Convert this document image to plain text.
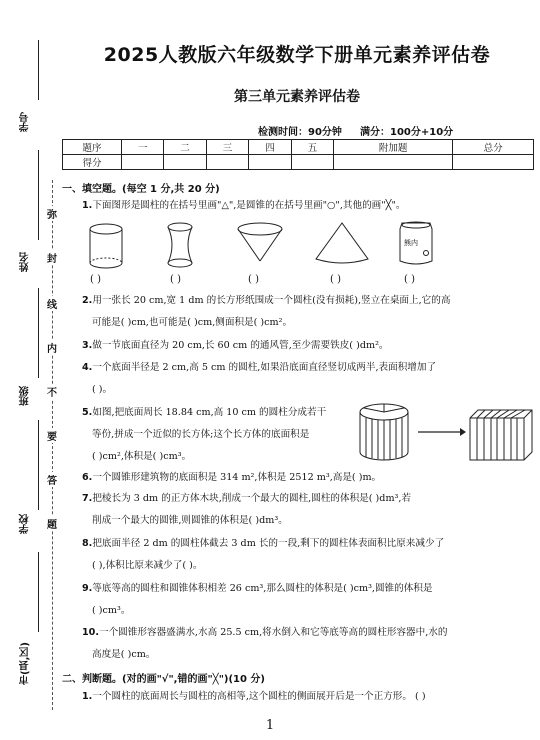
学号
姓名
班级
学校
市(县,区)
弥
封
线
内
不
要
答
题
2025人教版六年级数学下册单元素养评估卷
第三单元素养评估卷
检测时间：90分钟 满分：100分+10分
题序	一	二	三	四	五	附加题	总分
得分							
一、填空题。(每空 1 分,共 20 分)
1.下面图形是圆柱的在括号里画"△",是圆锥的在括号里画"○",其他的画"╳"。
熊内
( )	( )	( )	( )	( )
2.用一张长 20 cm,宽 1 dm 的长方形纸围成一个圆柱(没有损耗),竖立在桌面上,它的高
可能是( )cm,也可能是( )cm,侧面积是( )cm²。
3.做一节底面直径为 20 cm,长 60 cm 的通风管,至少需要铁皮( )dm²。
4.一个底面半径是 2 cm,高 5 cm 的圆柱,如果沿底面直径竖切成两半,表面积增加了
( )。
5.如图,把底面周长 18.84 cm,高 10 cm 的圆柱分成若干
等份,拼成一个近似的长方体;这个长方体的底面积是
( )cm²,体积是( )cm³。
6.一个圆锥形建筑物的底面积是 314 m²,体积是 2512 m³,高是( )m。
7.把棱长为 3 dm 的正方体木块,削成一个最大的圆柱,圆柱的体积是( )dm³,若
削成一个最大的圆锥,则圆锥的体积是( )dm³。
8.把底面半径 2 dm 的圆柱体截去 3 dm 长的一段,剩下的圆柱体表面积比原来减少了
( ),体积比原来减少了( )。
9.等底等高的圆柱和圆锥体积相差 26 cm³,那么圆柱的体积是( )cm³,圆锥的体积是
( )cm³。
10.一个圆锥形容器盛满水,水高 25.5 cm,将水倒入和它等底等高的圆柱形容器中,水的
高度是( )cm。
二、判断题。(对的画"√",错的画"╳")(10 分)
1.一个圆柱的底面周长与圆柱的高相等,这个圆柱的侧面展开后是一个正方形。 ( )
1
